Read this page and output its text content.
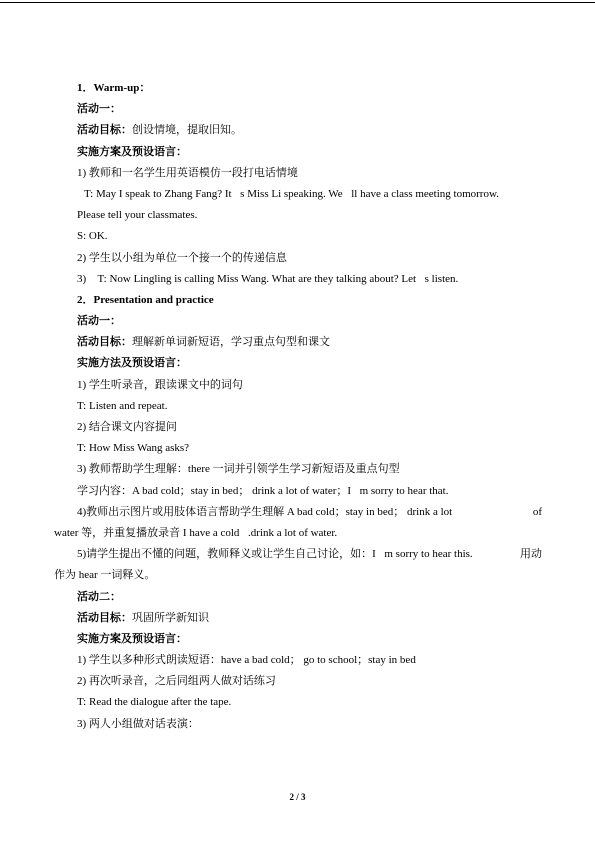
1．Warm-up：
活动一：
活动目标：创设情境，提取旧知。
实施方案及预设语言：
1) 教师和一名学生用英语模仿一段打电话情境
T: May I speak to Zhang Fang? It s Miss Li speaking. We ll have a class meeting tomorrow.
Please tell your classmates.
S: OK.
2) 学生以小组为单位一个接一个的传递信息
3)  T: Now Lingling is calling Miss Wang. What are they talking about? Let s listen. 
2．Presentation and practice
活动一：
活动目标：理解新单词新短语，学习重点句型和课文
实施方法及预设语言：
1) 学生听录音，跟读课文中的词句
T: Listen and repeat.
2) 结合课文内容提问
T: How Miss Wang asks?
3) 教师帮助学生理解：there 一词并引领学生学习新短语及重点句型
学习内容：A bad cold；stay in bed； drink a lot of water；I m sorry to hear that.
4)教师出示图片或用肢体语言帮助学生理解 A bad cold；stay in bed； drink a lot	of
water 等，并重复播放录音 I have a cold .drink a lot of water.
5)请学生提出不懂的问题，教师释义或让学生自己讨论，如：I m sorry to hear this.	用动
作为 hear 一词释义。
活动二：
活动目标：巩固所学新知识
实施方案及预设语言：
1) 学生以多种形式朗读短语：have a bad cold； go to school；stay in bed
2) 再次听录音，之后同组两人做对话练习
T: Read the dialogue after the tape.
3) 两人小组做对话表演：
2 / 3
